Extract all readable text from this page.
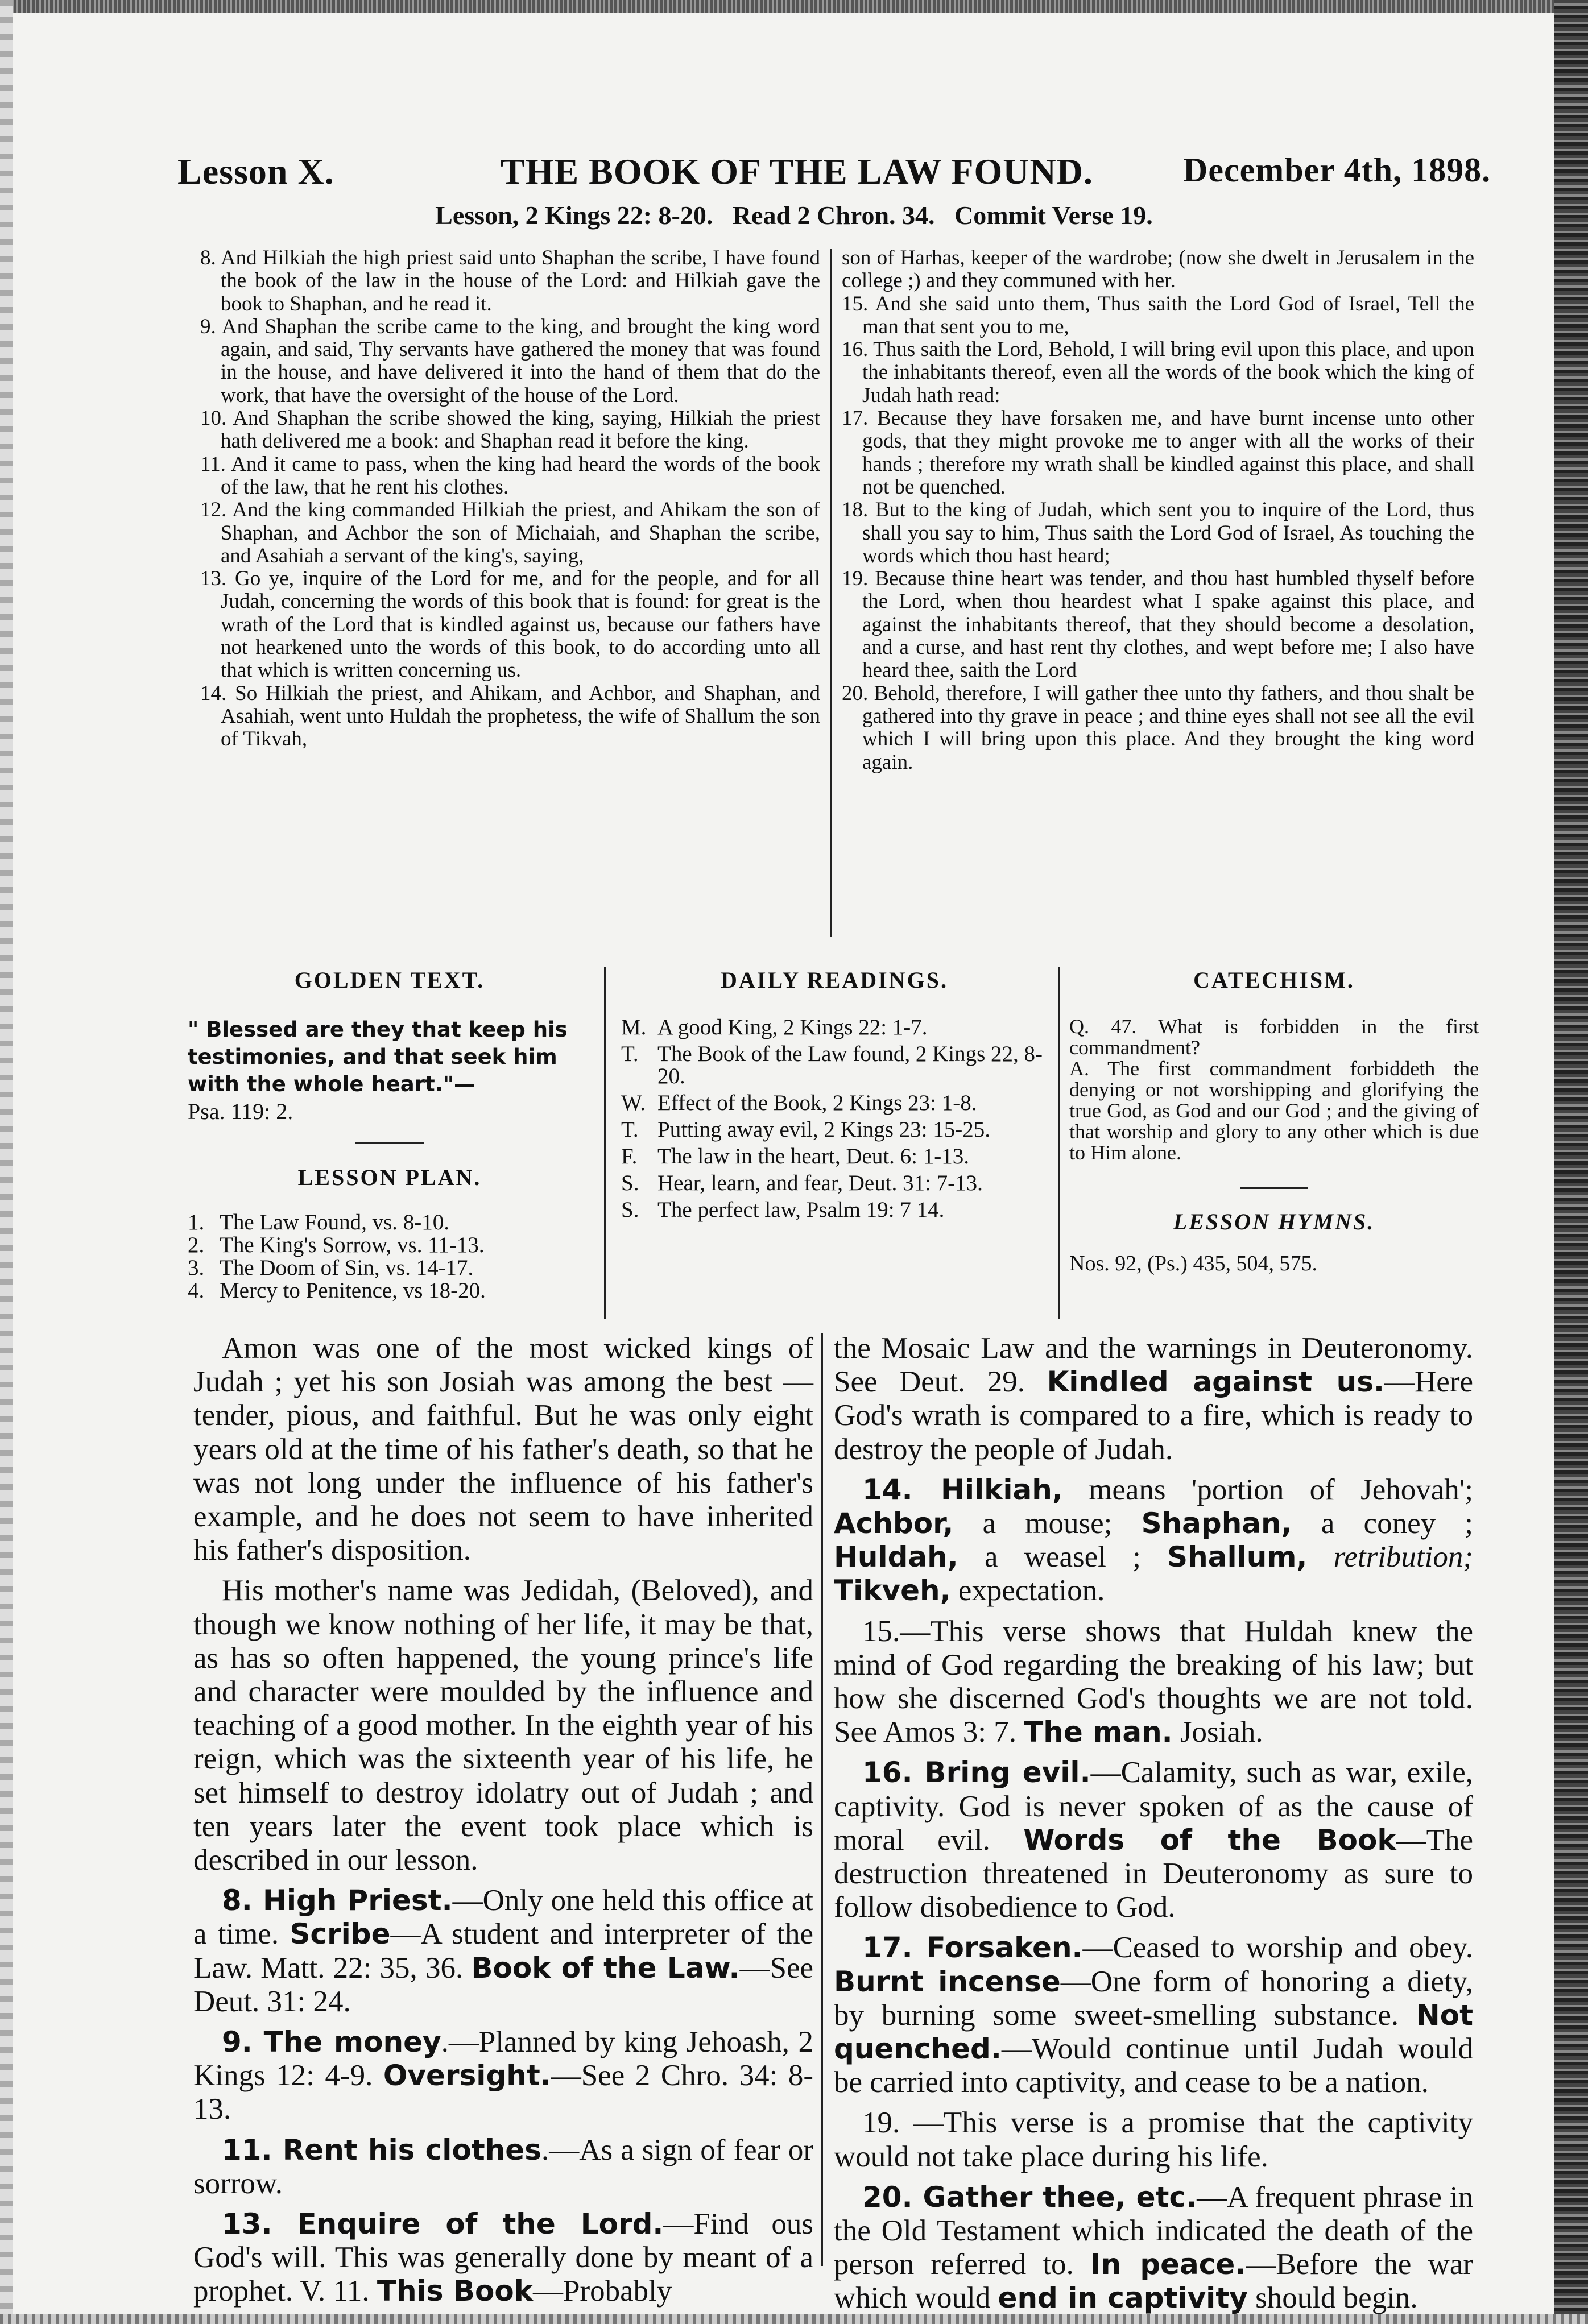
Lesson X.	THE BOOK OF THE LAW FOUND.	December 4th, 1898.
Lesson, 2 Kings 22: 8-20.   Read 2 Chron. 34.   Commit Verse 19.

8. And Hilkiah the high priest said unto Shaphan the scribe, I have found the book of the law in the house of the Lord: and Hilkiah gave the book to Shaphan, and he read it.

9. And Shaphan the scribe came to the king, and brought the king word again, and said, Thy servants have gathered the money that was found in the house, and have delivered it into the hand of them that do the work, that have the oversight of the house of the Lord.

10. And Shaphan the scribe showed the king, saying, Hilkiah the priest hath delivered me a book: and Shaphan read it before the king.

11. And it came to pass, when the king had heard the words of the book of the law, that he rent his clothes.

12. And the king commanded Hilkiah the priest, and Ahikam the son of Shaphan, and Achbor the son of Michaiah, and Shaphan the scribe, and Asahiah a servant of the king's, saying,

13. Go ye, inquire of the Lord for me, and for the people, and for all Judah, concerning the words of this book that is found: for great is the wrath of the Lord that is kindled against us, because our fathers have not hearkened unto the words of this book, to do according unto all that which is written concerning us.

14. So Hilkiah the priest, and Ahikam, and Achbor, and Shaphan, and Asahiah, went unto Huldah the prophetess, the wife of Shallum the son of Tikvah,

son of Harhas, keeper of the wardrobe; (now she dwelt in Jerusalem in the college ;) and they communed with her.

15. And she said unto them, Thus saith the Lord God of Israel, Tell the man that sent you to me,

16. Thus saith the Lord, Behold, I will bring evil upon this place, and upon the inhabitants thereof, even all the words of the book which the king of Judah hath read:

17. Because they have forsaken me, and have burnt incense unto other gods, that they might provoke me to anger with all the works of their hands ; therefore my wrath shall be kindled against this place, and shall not be quenched.

18. But to the king of Judah, which sent you to inquire of the Lord, thus shall you say to him, Thus saith the Lord God of Israel, As touching the words which thou hast heard;

19. Because thine heart was tender, and thou hast humbled thyself before the Lord, when thou heardest what I spake against this place, and against the inhabitants thereof, that they should become a desolation, and a curse, and hast rent thy clothes, and wept before me; I also have heard thee, saith the Lord

20. Behold, therefore, I will gather thee unto thy fathers, and thou shalt be gathered into thy grave in peace ; and thine eyes shall not see all the evil which I will bring upon this place. And they brought the king word again.

GOLDEN TEXT.
" Blessed are they that keep his testimonies, and that seek him with the whole heart."—
Psa. 119: 2.
LESSON PLAN.
1. The Law Found, vs. 8-10.
2. The King's Sorrow, vs. 11-13.
3. The Doom of Sin, vs. 14-17.
4. Mercy to Penitence, vs 18-20.
DAILY READINGS.
M. A good King, 2 Kings 22: 1-7.
T. The Book of the Law found, 2 Kings 22, 8-20.
W. Effect of the Book, 2 Kings 23: 1-8.
T. Putting away evil, 2 Kings 23: 15-25.
F. The law in the heart, Deut. 6: 1-13.
S. Hear, learn, and fear, Deut. 31: 7-13.
S. The perfect law, Psalm 19: 7 14.
CATECHISM.
Q. 47. What is forbidden in the first commandment?
A. The first commandment forbiddeth the denying or not worshipping and glorifying the true God, as God and our God ; and the giving of that worship and glory to any other which is due to Him alone.
LESSON HYMNS.
Nos. 92, (Ps.) 435, 504, 575.

Amon was one of the most wicked kings of Judah ; yet his son Josiah was among the best —tender, pious, and faithful. But he was only eight years old at the time of his father's death, so that he was not long under the influence of his father's example, and he does not seem to have inherited his father's disposition.

His mother's name was Jedidah, (Beloved), and though we know nothing of her life, it may be that, as has so often happened, the young prince's life and character were moulded by the influence and teaching of a good mother. In the eighth year of his reign, which was the sixteenth year of his life, he set himself to destroy idolatry out of Judah ; and ten years later the event took place which is described in our lesson.

8. High Priest.—Only one held this office at a time. Scribe—A student and interpreter of the Law. Matt. 22: 35, 36. Book of the Law.—See Deut. 31: 24.

9. The money.—Planned by king Jehoash, 2 Kings 12: 4-9. Oversight.—See 2 Chro. 34: 8-13.

11. Rent his clothes.—As a sign of fear or sorrow.

13. Enquire of the Lord.—Find ous God's will. This was generally done by meant of a prophet. V. 11. This Book—Probably

the Mosaic Law and the warnings in Deuteronomy. See Deut. 29. Kindled against us.—Here God's wrath is compared to a fire, which is ready to destroy the people of Judah.

14. Hilkiah, means 'portion of Jehovah'; Achbor, a mouse; Shaphan, a coney ; Huldah, a weasel ; Shallum, retribution; Tikveh, expectation.

15.—This verse shows that Huldah knew the mind of God regarding the breaking of his law; but how she discerned God's thoughts we are not told. See Amos 3: 7. The man. Josiah.

16. Bring evil.—Calamity, such as war, exile, captivity. God is never spoken of as the cause of moral evil. Words of the Book—The destruction threatened in Deuteronomy as sure to follow disobedience to God.

17. Forsaken.—Ceased to worship and obey. Burnt incense—One form of honoring a diety, by burning some sweet-smelling substance. Not quenched.—Would continue until Judah would be carried into captivity, and cease to be a nation.

19. —This verse is a promise that the captivity would not take place during his life.

20. Gather thee, etc.—A frequent phrase in the Old Testament which indicated the death of the person referred to. In peace.—Before the war which would end in captivity should begin.
